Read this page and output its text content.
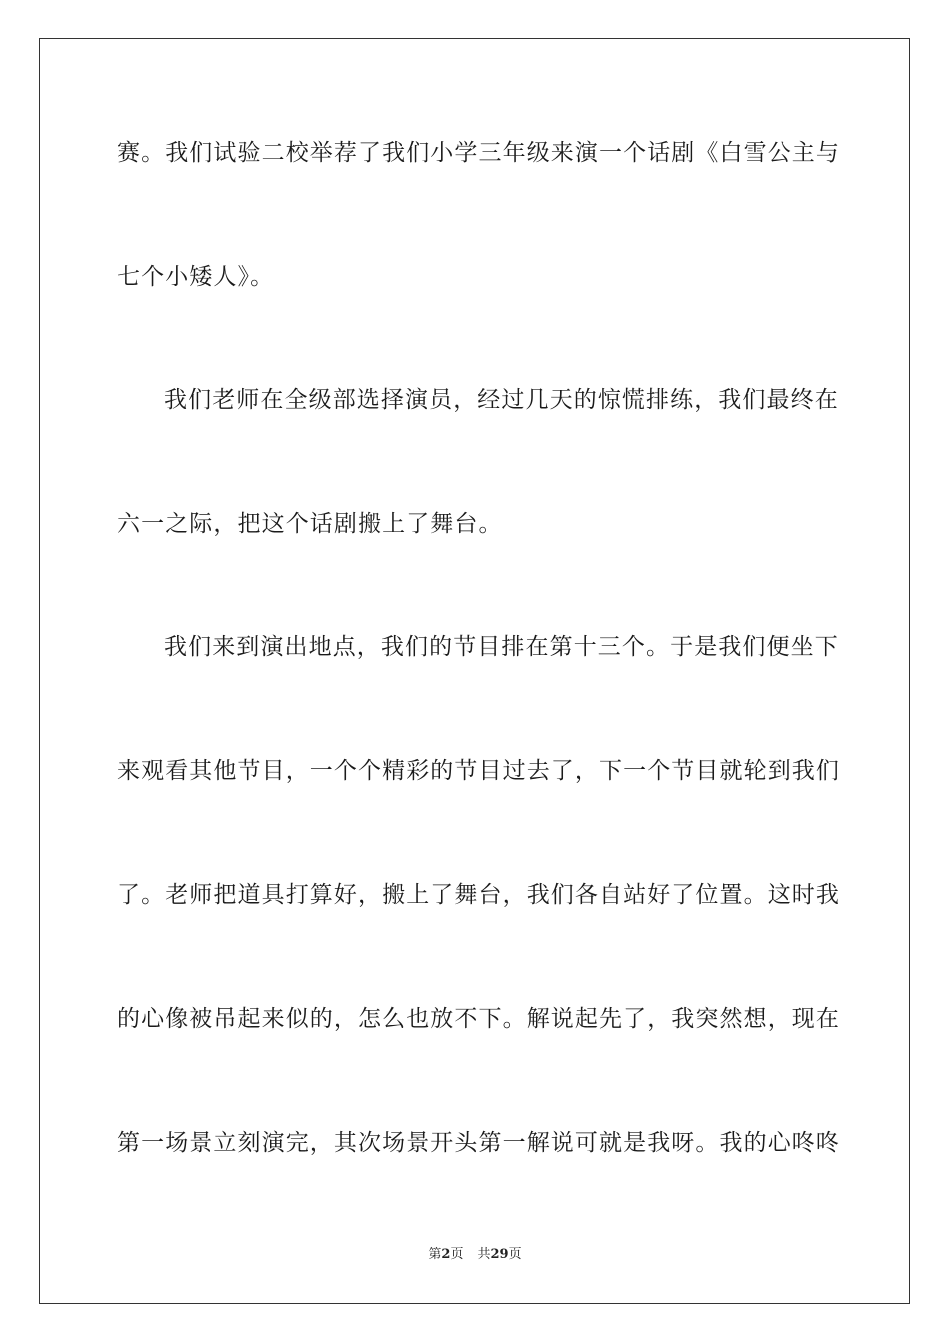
赛。我们试验二校举荐了我们小学三年级来演一个话剧《白雪公主与
七个小矮人》。
我们老师在全级部选择演员，经过几天的惊慌排练，我们最终在
六一之际，把这个话剧搬上了舞台。
我们来到演出地点，我们的节目排在第十三个。于是我们便坐下
来观看其他节目，一个个精彩的节目过去了，下一个节目就轮到我们
了。老师把道具打算好，搬上了舞台，我们各自站好了位置。这时我
的心像被吊起来似的，怎么也放不下。解说起先了，我突然想，现在
第一场景立刻演完，其次场景开头第一解说可就是我呀。我的心咚咚
第2页 共29页
